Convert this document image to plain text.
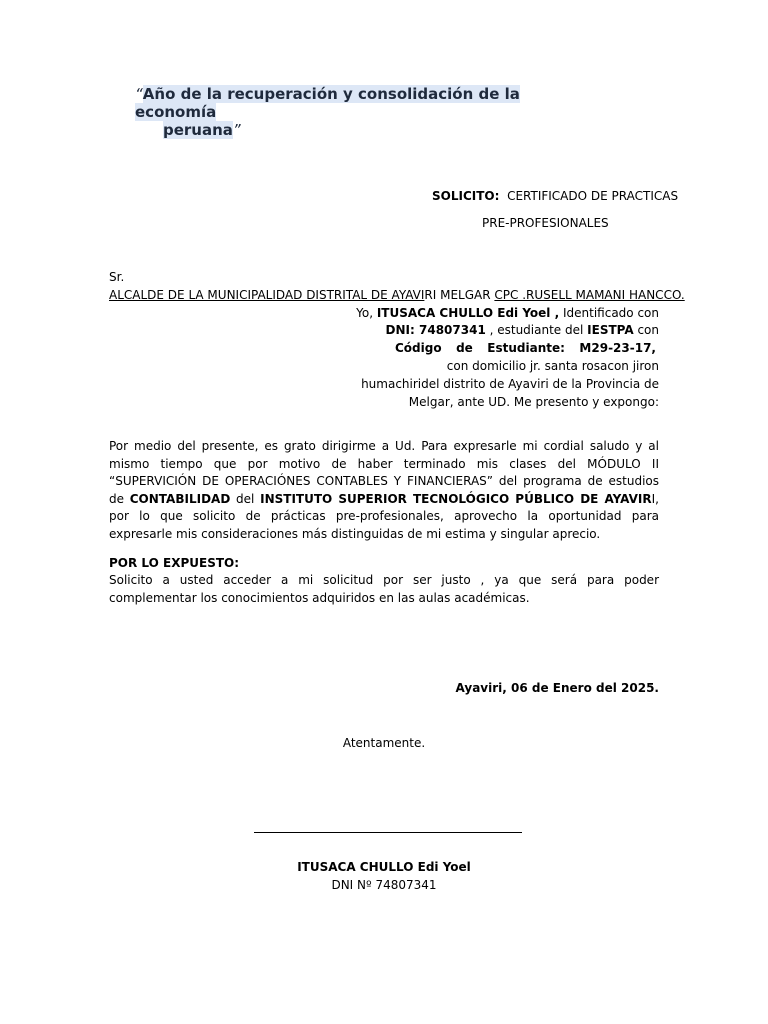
“Año de la recuperación y consolidación de la economía
peruana”
SOLICITO: CERTIFICADO DE PRACTICAS
PRE-PROFESIONALES
Sr.
ALCALDE DE LA MUNICIPALIDAD DISTRITAL DE AYAVIRI MELGAR CPC .RUSELL MAMANI HANCCO.
Yo, ITUSACA CHULLO Edi Yoel , Identificado con
DNI: 74807341 , estudiante del IESTPA con
Código de Estudiante: M29-23-17,
con domicilio jr. santa rosacon jiron
humachiridel distrito de Ayaviri de la Provincia de
Melgar, ante UD. Me presento y expongo:
Por medio del presente, es grato dirigirme a Ud. Para expresarle mi cordial saludo y al mismo tiempo que por motivo de haber terminado mis clases del MÓDULO II “SUPERVICIÓN DE OPERACIÓNES CONTABLES Y FINANCIERAS” del programa de estudios de CONTABILIDAD del INSTITUTO SUPERIOR TECNOLÓGICO PÚBLICO DE AYAVIRI, por lo que solicito de prácticas pre-profesionales, aprovecho la oportunidad para expresarle mis consideraciones más distinguidas de mi estima y singular aprecio.
POR LO EXPUESTO:
Solicito a usted acceder a mi solicitud por ser justo , ya que será para poder complementar los conocimientos adquiridos en las aulas académicas.
Ayaviri, 06 de Enero del 2025.
Atentamente.
ITUSACA CHULLO Edi Yoel
DNI Nº 74807341
